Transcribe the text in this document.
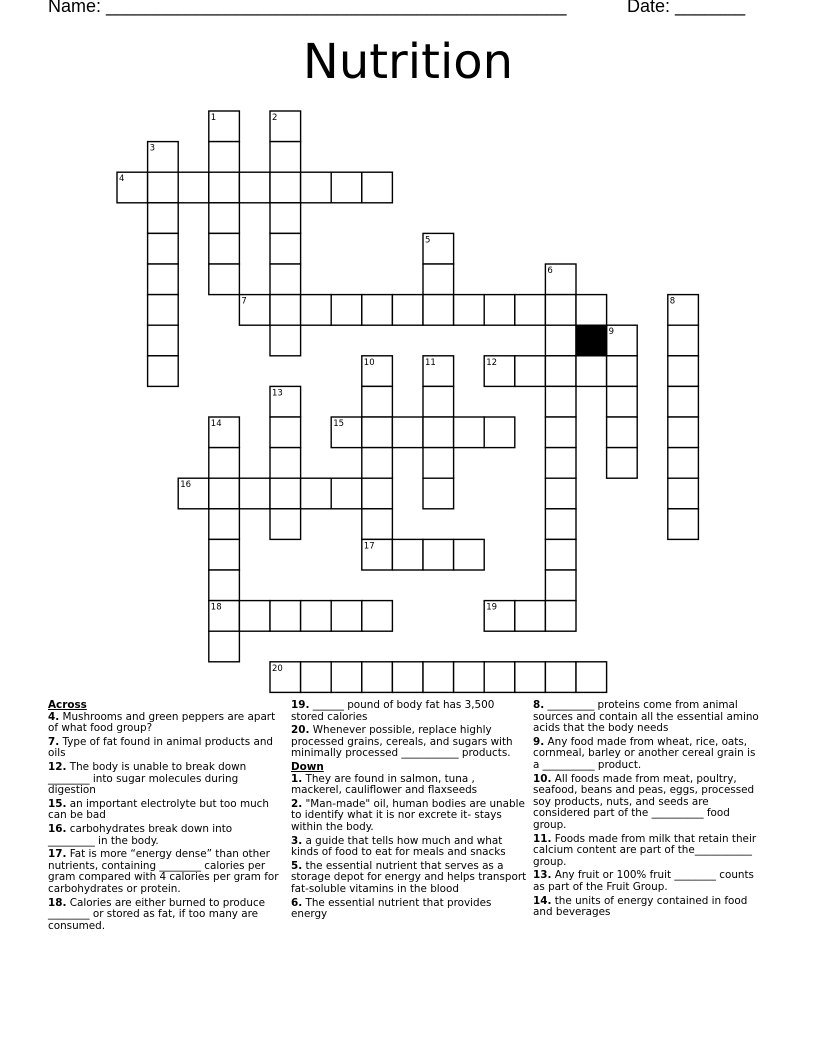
Name: ______________________________________________	Date: _______
Nutrition
1	2
3
4
5
6
7	8
9
10	11	12
13
14	15
16
17
18	19
20
Across
4. Mushrooms and green peppers are apart of what food group?
7. Type of fat found in animal products and oils
12. The body is unable to break down ________ into sugar molecules during digestion
15. an important electrolyte but too much can be bad
16. carbohydrates break down into _________ in the body.
17. Fat is more “energy dense” than other nutrients, containing ________ calories per gram compared with 4 calories per gram for carbohydrates or protein.
18. Calories are either burned to produce ________ or stored as fat, if too many are consumed.
19. ______ pound of body fat has 3,500 stored calories
20. Whenever possible, replace highly processed grains, cereals, and sugars with minimally processed ___________ products.
Down
1. They are found in salmon, tuna , mackerel, cauliflower and flaxseeds
2. "Man-made" oil, human bodies are unable to identify what it is nor excrete it- stays within the body.
3. a guide that tells how much and what kinds of food to eat for meals and snacks
5. the essential nutrient that serves as a storage depot for energy and helps transport fat-soluble vitamins in the blood
6. The essential nutrient that provides energy
8. _________ proteins come from animal sources and contain all the essential amino acids that the body needs
9. Any food made from wheat, rice, oats, cornmeal, barley or another cereal grain is a __________ product.
10. All foods made from meat, poultry, seafood, beans and peas, eggs, processed soy products, nuts, and seeds are considered part of the __________ food group.
11. Foods made from milk that retain their calcium content are part of the___________ group.
13. Any fruit or 100% fruit ________ counts as part of the Fruit Group.
14. the units of energy contained in food and beverages
